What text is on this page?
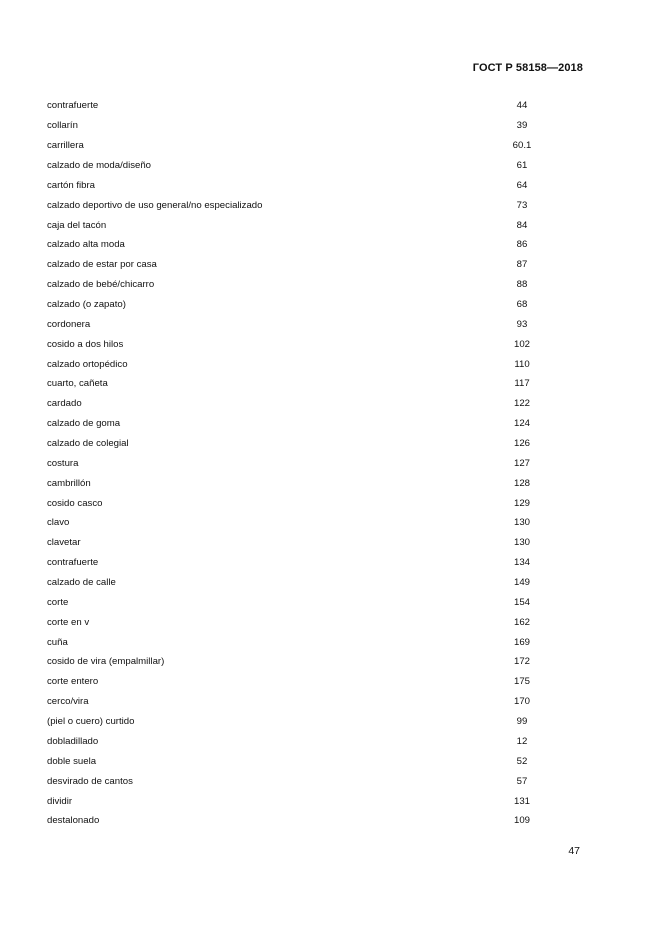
ГОСТ Р 58158—2018
contrafuerte	44
collarín	39
carrillera	60.1
calzado de moda/diseño	61
cartón fibra	64
calzado deportivo de uso general/no especializado	73
caja del tacón	84
calzado alta moda	86
calzado de estar por casa	87
calzado de bebé/chicarro	88
calzado (o zapato)	68
cordonera	93
cosido a dos hilos	102
calzado ortopédico	110
cuarto, cañeta	117
cardado	122
calzado de goma	124
calzado de colegial	126
costura	127
cambrillón	128
cosido casco	129
clavo	130
clavetar	130
contrafuerte	134
calzado de calle	149
corte	154
corte en v	162
cuña	169
cosido de vira (empalmillar)	172
corte entero	175
cerco/vira	170
(piel o cuero) curtido	99
dobladillado	12
doble suela	52
desvirado de cantos	57
dividir	131
destalonado	109
47
